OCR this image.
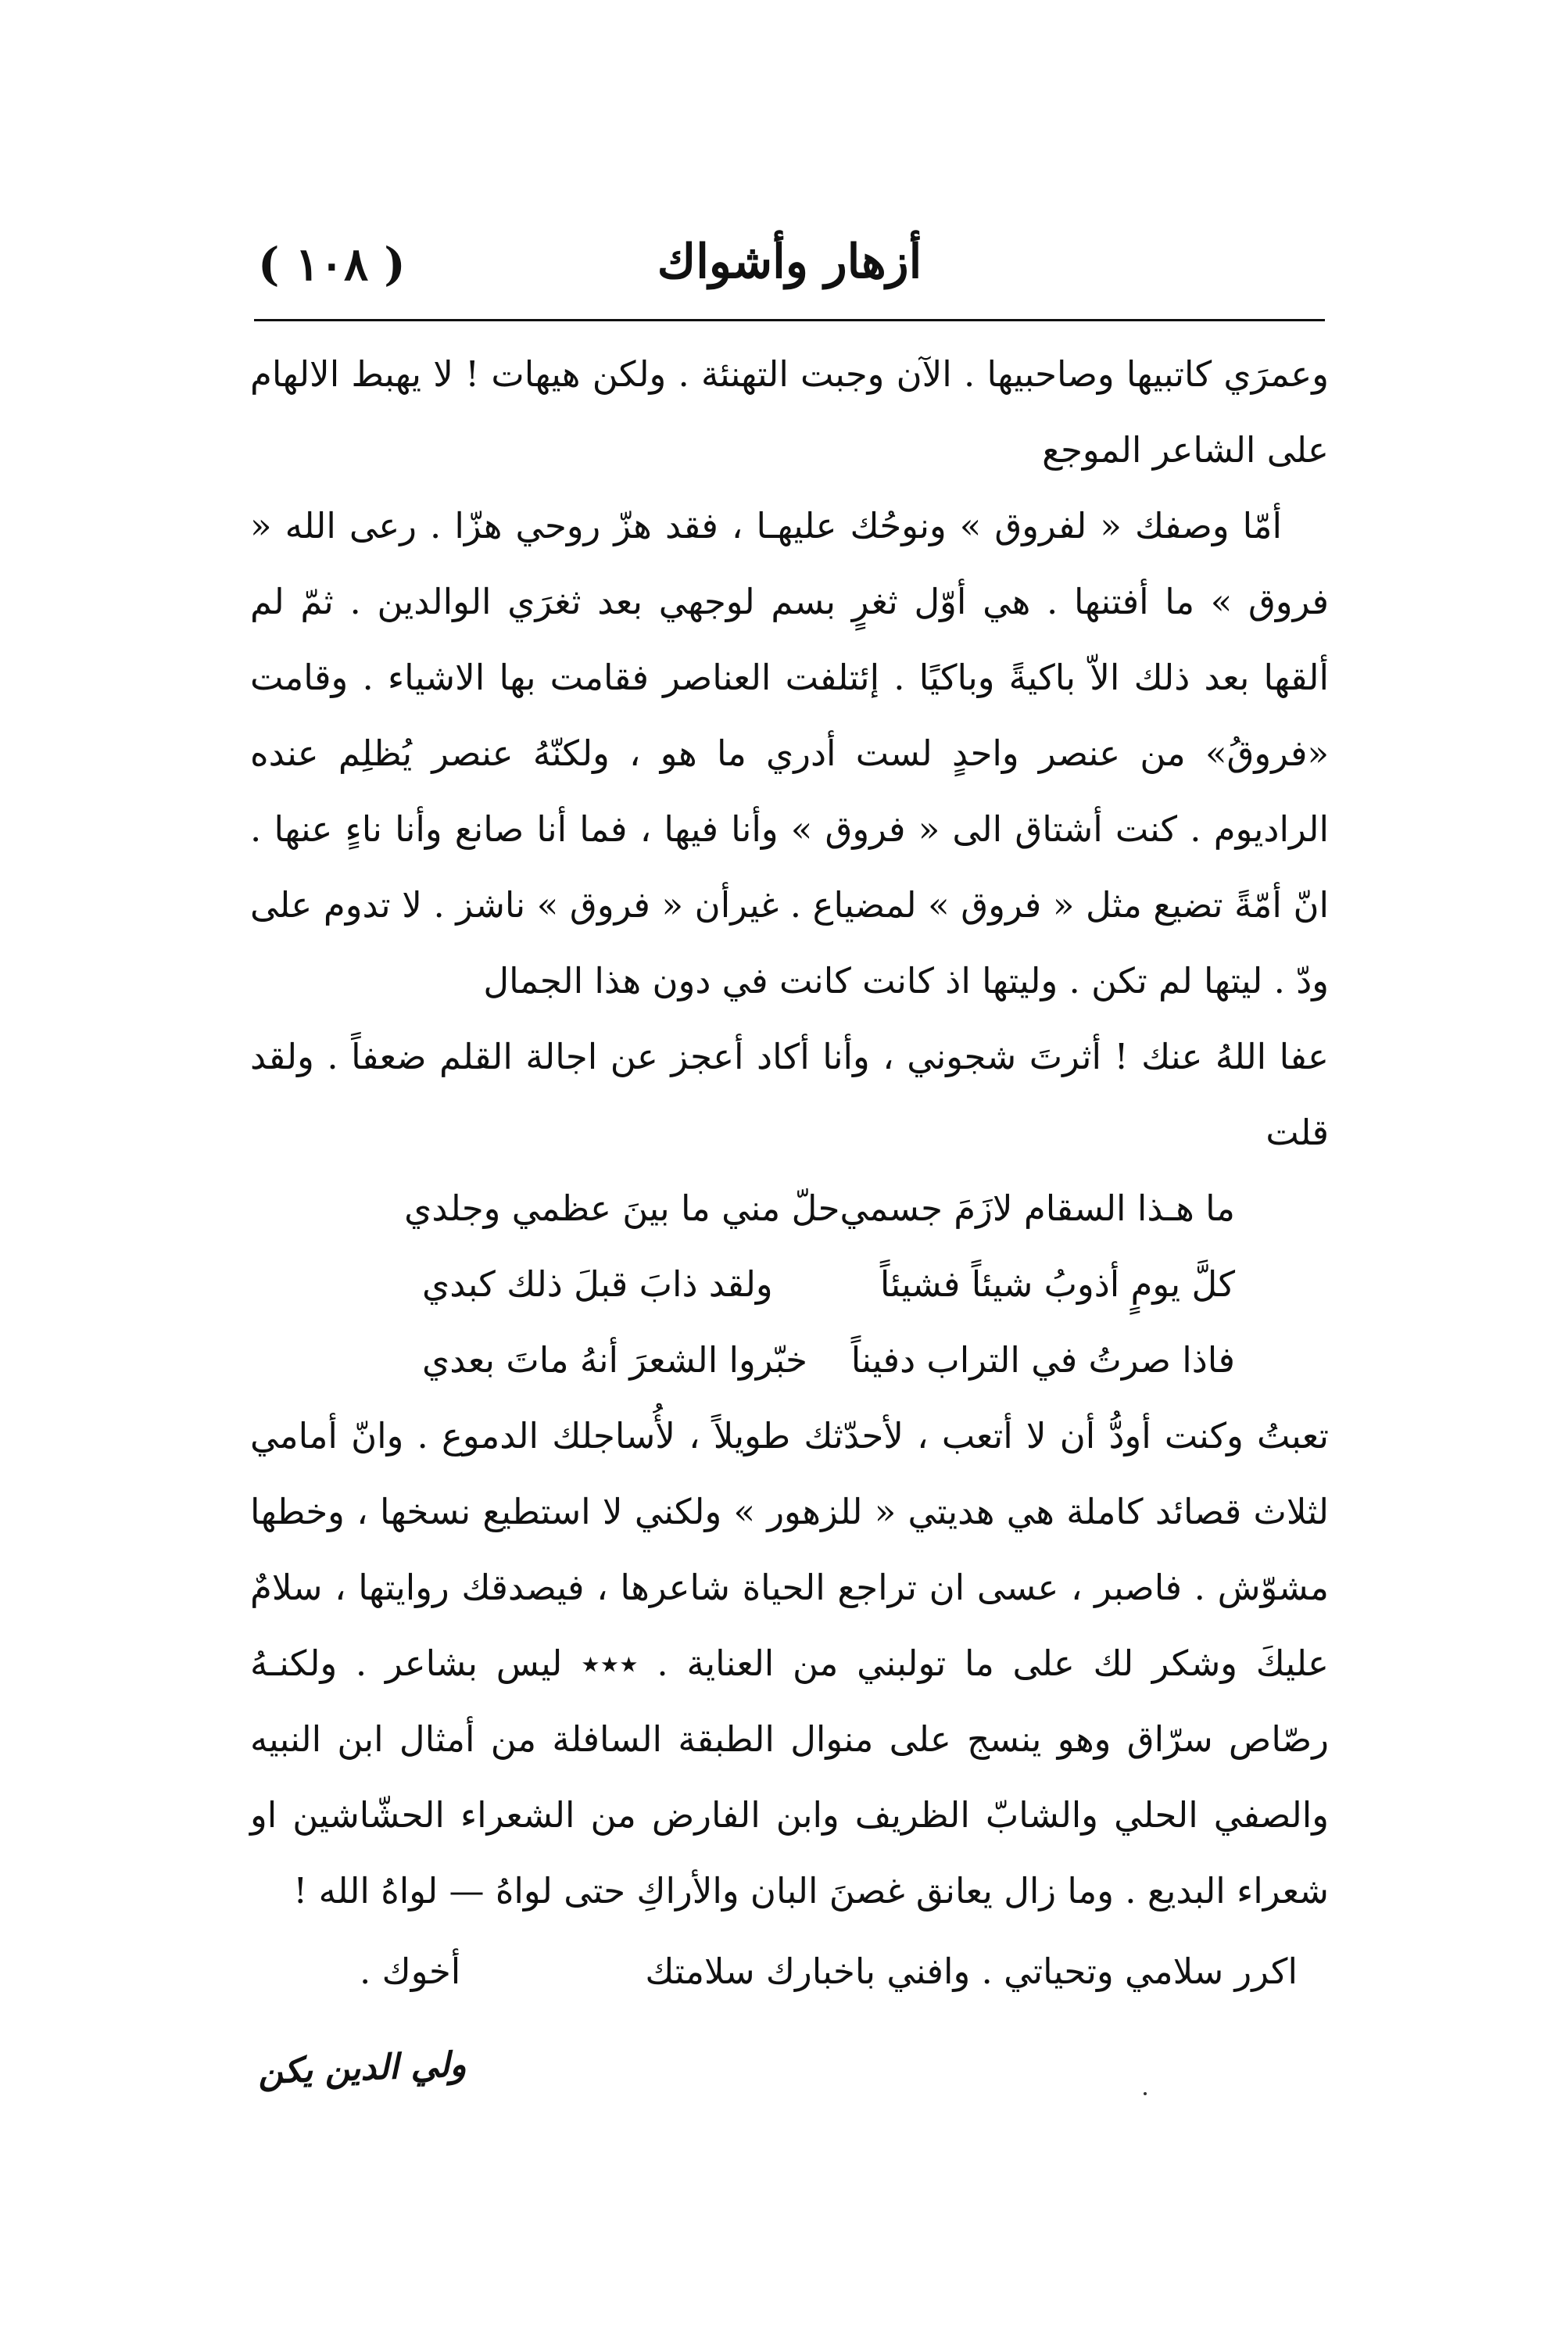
أزهار وأشواك
( ١٠٨ )

وعمرَي كاتبيها وصاحبيها . الآن وجبت التهنئة . ولكن هيهات ! لا يهبط الالهام على الشاعر الموجع

أمّا وصفك « لفروق » ونوحُك عليهـا ، فقد هزّ روحي هزّا . رعى الله « فروق » ما أفتنها . هي أوّل ثغرٍ بسم لوجهي بعد ثغرَي الوالدين . ثمّ لم ألقها بعد ذلك الاّ باكيةً وباكيًا . إئتلفت العناصر فقامت بها الاشياء . وقامت «فروقُ» من عنصر واحدٍ لست أدري ما هو ، ولكنّهُ عنصر يُظلِم عنده الراديوم . كنت أشتاق الى « فروق » وأنا فيها ، فما أنا صانع وأنا ناءٍ عنها . انّ أمّةً تضيع مثل « فروق » لمضياع . غيرأن « فروق » ناشز . لا تدوم على ودّ . ليتها لم تكن . وليتها اذ كانت كانت في دون هذا الجمال

عفا اللهُ عنك ! أثرتَ شجوني ، وأنا أكاد أعجز عن اجالة القلم ضعفاً . ولقد قلت

ما هـذا السقام لازَمَ جسمي
حلّ مني ما بينَ عظمي وجلدي
كلَّ يومٍ أذوبُ شيئاً فشيئاً
ولقد ذابَ قبلَ ذلك كبدي
فاذا صرتُ في التراب دفيناً
خبّروا الشعرَ أنهُ ماتَ بعدي

تعبتُ وكنت أودُّ أن لا أتعب ، لأحدّثك طويلاً ، لأُساجلك الدموع . وانّ أمامي لثلاث قصائد كاملة هي هديتي « للزهور » ولكني لا استطيع نسخها ، وخطها مشوّش . فاصبر ، عسى ان تراجع الحياة شاعرها ، فيصدقك روايتها ، سلامٌ عليكَ وشكر لك على ما تولبني من العناية . ٭٭٭ ليس بشاعر . ولكنـهُ رصّاص سرّاق وهو ينسج على منوال الطبقة السافلة من أمثال ابن النبيه والصفي الحلي والشابّ الظريف وابن الفارض من الشعراء الحشّاشين او شعراء البديع . وما زال يعانق غصنَ البان والأراكِ حتى لواهُ — لواهُ الله !

اكرر سلامي وتحياتي . وافني باخبارك سلامتك
أخوك .
ولي الدين يكن
